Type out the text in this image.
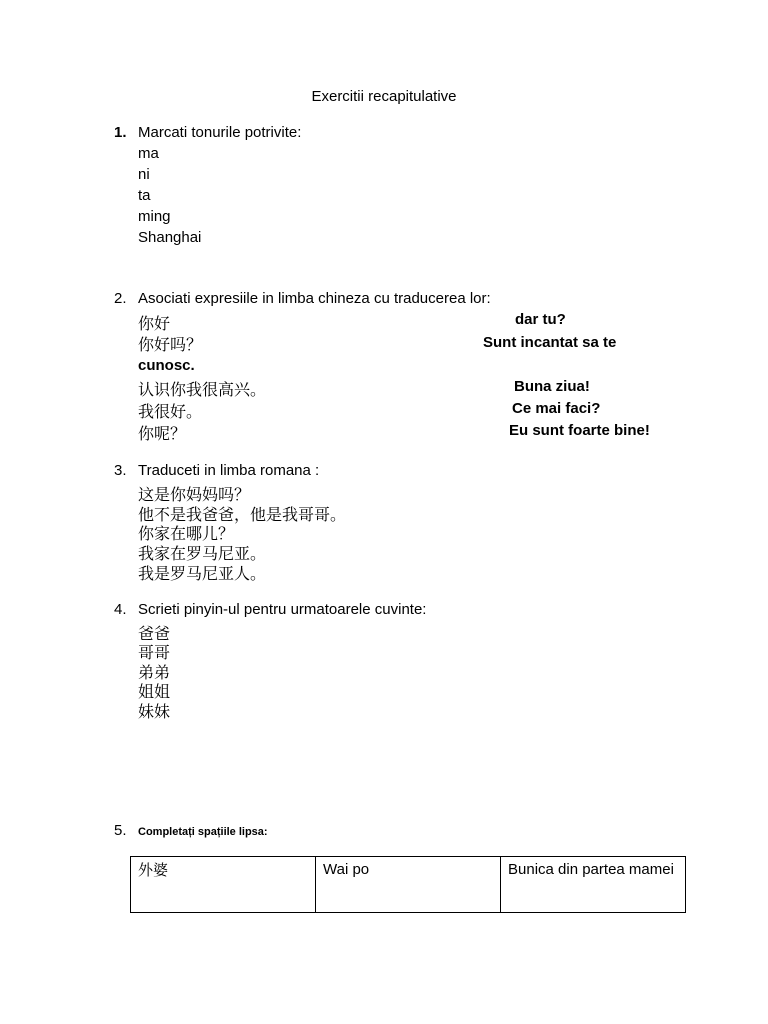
Exercitii recapitulative
1. Marcati tonurile potrivite:
ma
ni
ta
ming
Shanghai
2. Asociati expresiile in limba chineza cu traducerea lor:
你好	dar tu?
你好吗？	Sunt incantat sa te
cunosc.
认识你我很高兴。	Buna ziua!
我很好。	Ce mai faci?
你呢？	Eu sunt foarte bine!
3. Traduceti in limba romana :
这是你妈妈吗？
他不是我爸爸，他是我哥哥。
你家在哪儿？
我家在罗马尼亚。
我是罗马尼亚人。
4. Scrieti pinyin-ul pentru urmatoarele cuvinte:
爸爸
哥哥
弟弟
姐姐
妹妹
5. Completați spațiile lipsa:
外婆	Wai po	Bunica din partea mamei
